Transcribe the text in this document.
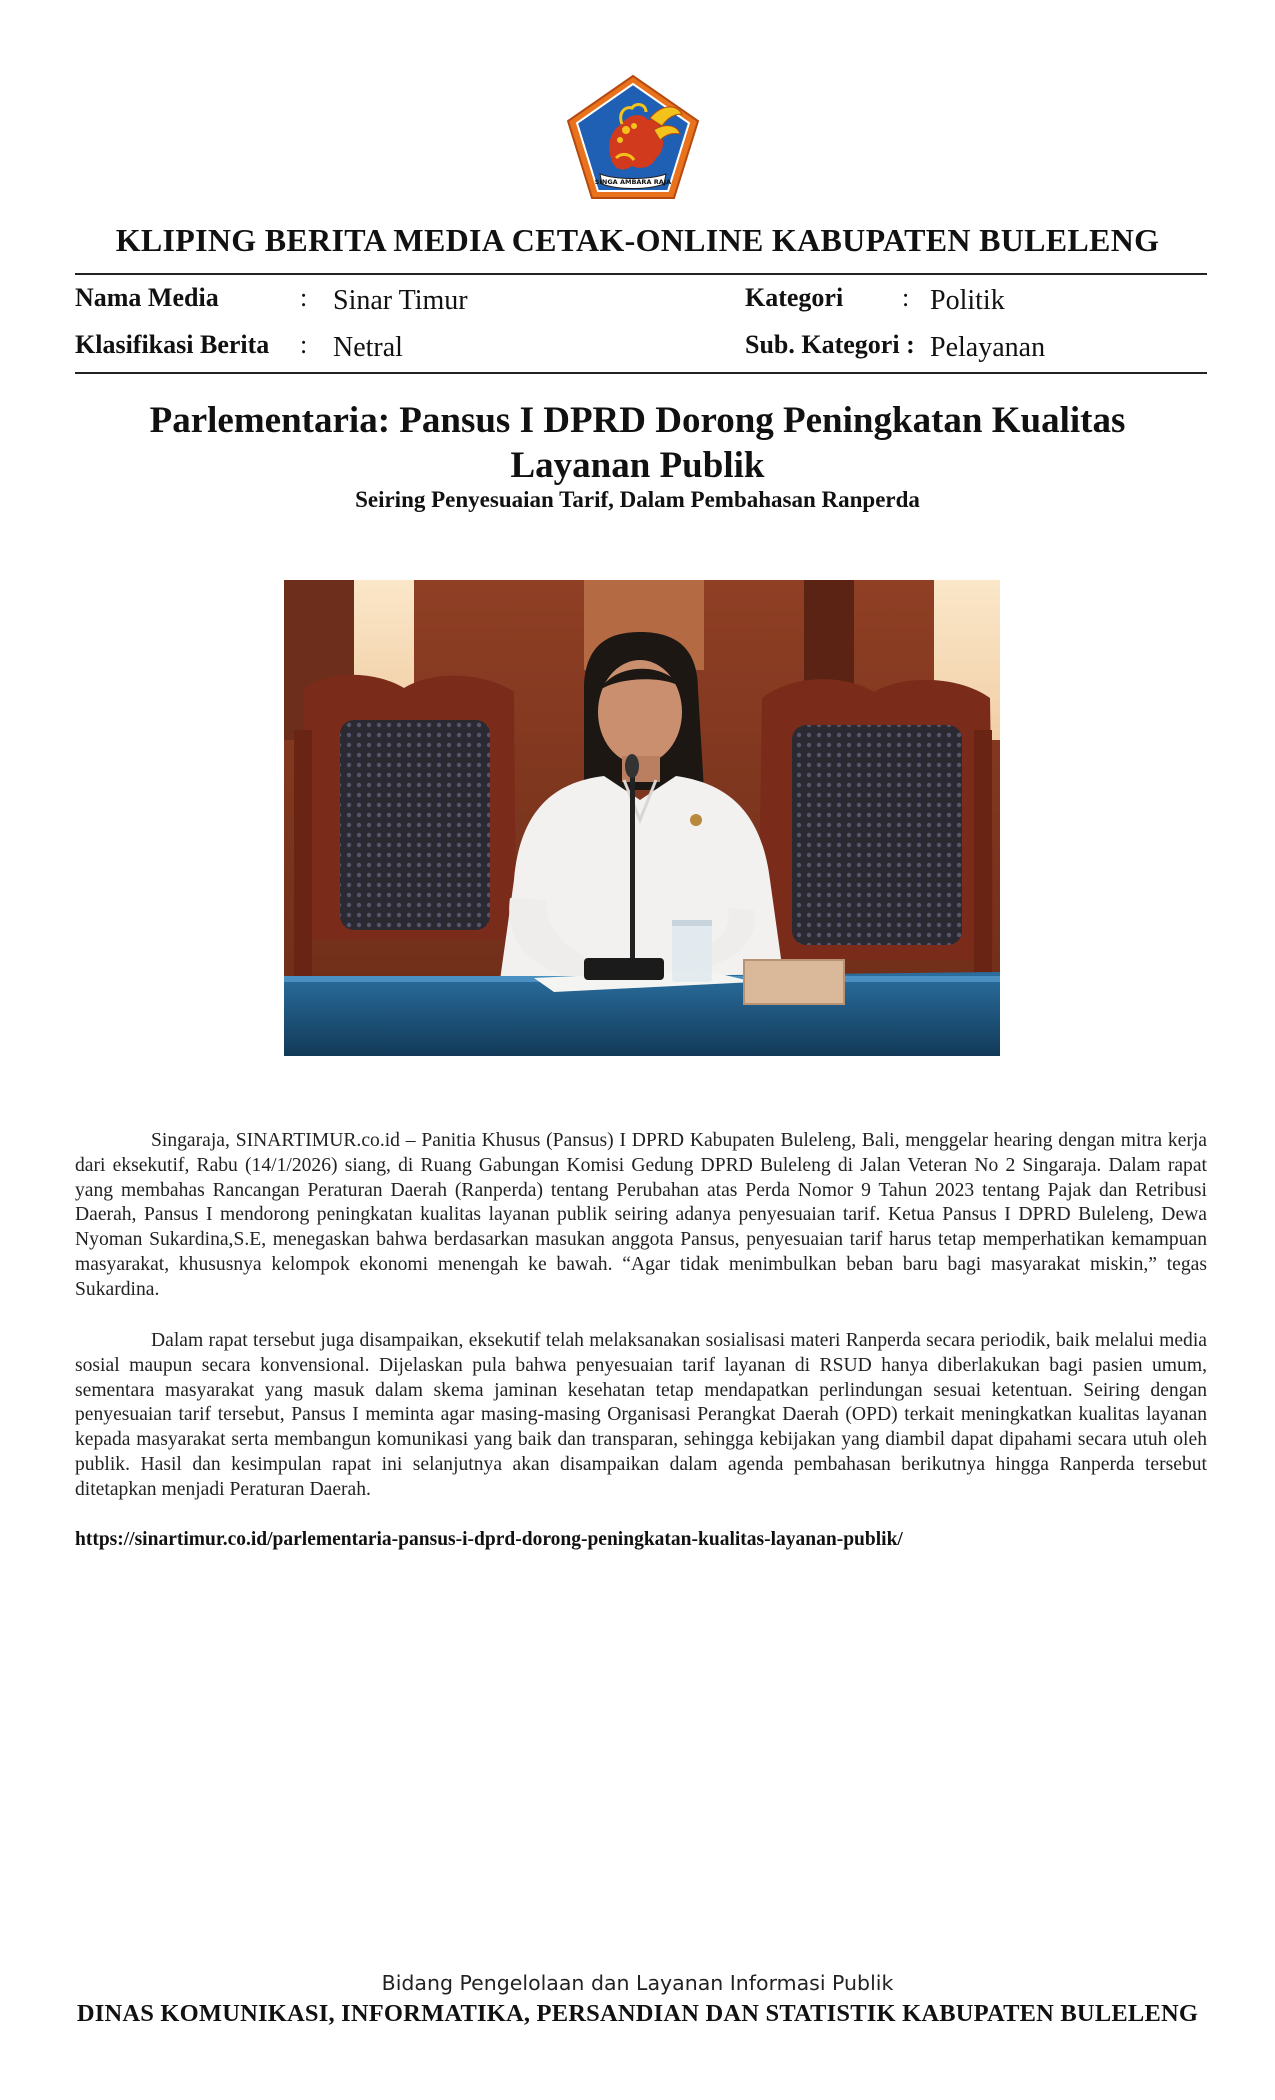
SINGA AMBARA RAJA
KLIPING BERITA MEDIA CETAK-ONLINE KABUPATEN BULELENG
Nama Media	: Sinar Timur
Klasifikasi Berita : Netral
Kategori : Politik
Sub. Kategori : Pelayanan
Parlementaria: Pansus I DPRD Dorong Peningkatan Kualitas Layanan Publik
Seiring Penyesuaian Tarif, Dalam Pembahasan Ranperda
Singaraja, SINARTIMUR.co.id – Panitia Khusus (Pansus) I DPRD Kabupaten Buleleng, Bali, menggelar hearing dengan mitra kerja dari eksekutif, Rabu (14/1/2026) siang, di Ruang Gabungan Komisi Gedung DPRD Buleleng di Jalan Veteran No 2 Singaraja. Dalam rapat yang membahas Rancangan Peraturan Daerah (Ranperda) tentang Perubahan atas Perda Nomor 9 Tahun 2023 tentang Pajak dan Retribusi Daerah, Pansus I mendorong peningkatan kualitas layanan publik seiring adanya penyesuaian tarif. Ketua Pansus I DPRD Buleleng, Dewa Nyoman Sukardina,S.E, menegaskan bahwa berdasarkan masukan anggota Pansus, penyesuaian tarif harus tetap memperhatikan kemampuan masyarakat, khususnya kelompok ekonomi menengah ke bawah. “Agar tidak menimbulkan beban baru bagi masyarakat miskin,” tegas Sukardina.
Dalam rapat tersebut juga disampaikan, eksekutif telah melaksanakan sosialisasi materi Ranperda secara periodik, baik melalui media sosial maupun secara konvensional. Dijelaskan pula bahwa penyesuaian tarif layanan di RSUD hanya diberlakukan bagi pasien umum, sementara masyarakat yang masuk dalam skema jaminan kesehatan tetap mendapatkan perlindungan sesuai ketentuan. Seiring dengan penyesuaian tarif tersebut, Pansus I meminta agar masing-masing Organisasi Perangkat Daerah (OPD) terkait meningkatkan kualitas layanan kepada masyarakat serta membangun komunikasi yang baik dan transparan, sehingga kebijakan yang diambil dapat dipahami secara utuh oleh publik. Hasil dan kesimpulan rapat ini selanjutnya akan disampaikan dalam agenda pembahasan berikutnya hingga Ranperda tersebut ditetapkan menjadi Peraturan Daerah.
https://sinartimur.co.id/parlementaria-pansus-i-dprd-dorong-peningkatan-kualitas-layanan-publik/
Bidang Pengelolaan dan Layanan Informasi Publik
DINAS KOMUNIKASI, INFORMATIKA, PERSANDIAN DAN STATISTIK KABUPATEN BULELENG
